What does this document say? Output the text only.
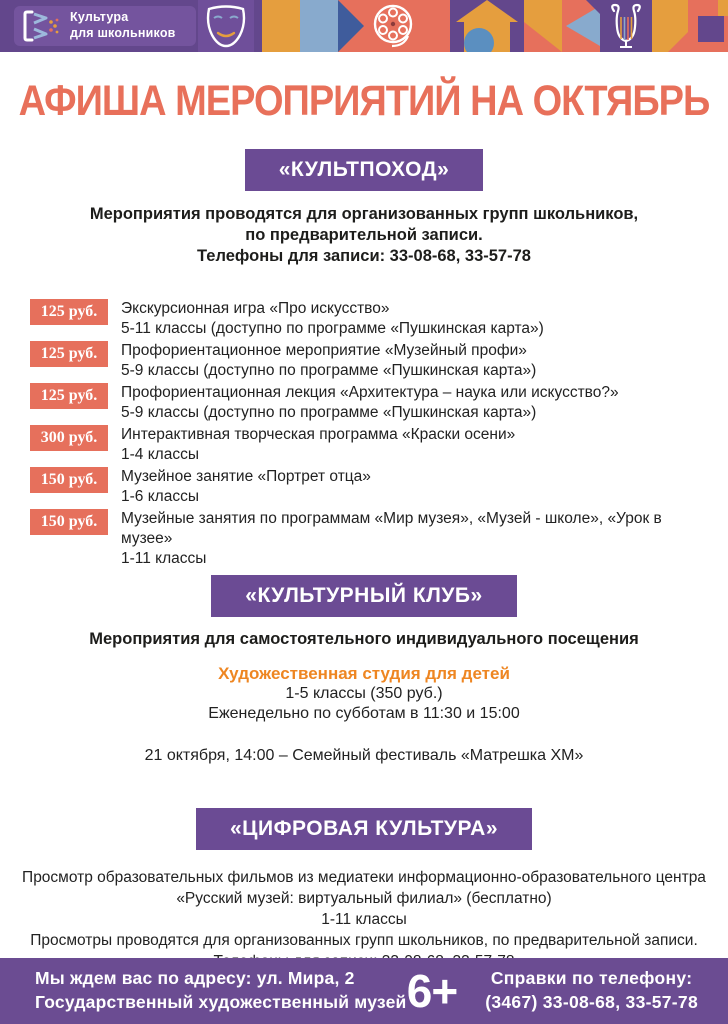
Культура
для школьников
АФИША МЕРОПРИЯТИЙ НА ОКТЯБРЬ
«КУЛЬТПОХОД»
Мероприятия проводятся для организованных групп школьников,
по предварительной записи.
Телефоны для записи: 33-08-68, 33-57-78
125 руб.	Экскурсионная игра «Про искусство»
5-11 классы (доступно по программе «Пушкинская карта»)
125 руб.	Профориентационное мероприятие «Музейный профи»
5-9 классы (доступно по программе «Пушкинская карта»)
125 руб.	Профориентационная лекция «Архитектура – наука или искусство?»
5-9 классы (доступно по программе «Пушкинская карта»)
300 руб.	Интерактивная творческая программа «Краски осени»
1-4 классы
150 руб.	Музейное занятие «Портрет отца»
1-6 классы
150 руб.	Музейные занятия по программам «Мир музея», «Музей - школе», «Урок в музее»
1-11 классы
«КУЛЬТУРНЫЙ КЛУБ»
Мероприятия для самостоятельного индивидуального посещения
Художественная студия для детей
1-5 классы (350 руб.)
Еженедельно по субботам в 11:30 и 15:00
21 октября, 14:00 – Семейный фестиваль «Матрешка ХМ»
«ЦИФРОВАЯ КУЛЬТУРА»
Просмотр образовательных фильмов из медиатеки информационно-образовательного центра
«Русский музей: виртуальный филиал» (бесплатно)
1-11 классы
Просмотры проводятся для организованных групп школьников, по предварительной записи.
Мы ждем вас по адресу: ул. Мира, 2
Государственный художественный музей 6+	Справки по телефону:
(3467) 33-08-68, 33-57-78
